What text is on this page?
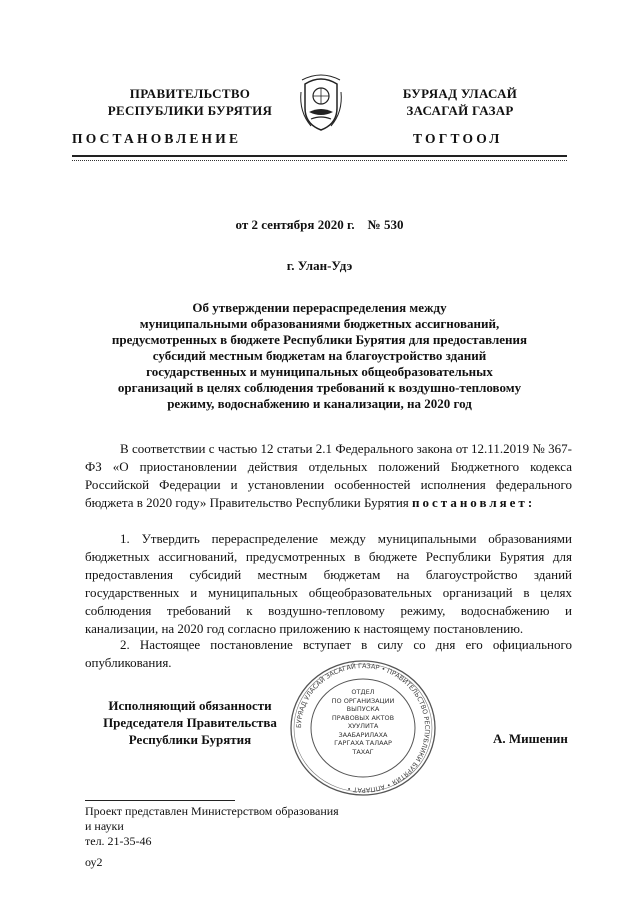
ПРАВИТЕЛЬСТВО
РЕСПУБЛИКИ БУРЯТИЯ
БУРЯАД УЛАСАЙ
ЗАСАГАЙ ГАЗАР
ПОСТАНОВЛЕНИЕ	ТОГТООЛ
от 2 сентября 2020 г.    № 530
г. Улан-Удэ
Об утверждении перераспределения между
муниципальными образованиями бюджетных ассигнований,
предусмотренных в бюджете Республики Бурятия для предоставления
субсидий местным бюджетам на благоустройство зданий
государственных и муниципальных общеобразовательных
организаций в целях соблюдения требований к воздушно-тепловому
режиму, водоснабжению и канализации, на 2020 год
В соответствии с частью 12 статьи 2.1 Федерального закона от 12.11.2019 № 367-ФЗ «О приостановлении действия отдельных положений Бюджетного кодекса Российской Федерации и установлении особенностей исполнения федерального бюджета в 2020 году» Правительство Республики Бурятия постановляет:
1. Утвердить перераспределение между муниципальными образованиями бюджетных ассигнований, предусмотренных в бюджете Республики Бурятия для предоставления субсидий местным бюджетам на благоустройство зданий государственных и муниципальных общеобразовательных организаций в целях соблюдения требований к воздушно-тепловому режиму, водоснабжению и канализации, на 2020 год согласно приложению к настоящему постановлению.
2. Настоящее постановление вступает в силу со дня его официального опубликования.
Исполняющий обязанности
Председателя Правительства
Республики Бурятия	А. Мишенин
БУРЯАД УЛАСАЙ ЗАСАГАЙ ГАЗАР • ПРАВИТЕЛЬСТВО РЕСПУБЛИКИ БУРЯТИЯ • АППАРАТ •
ОТДЕЛ
ПО ОРГАНИЗАЦИИ
ВЫПУСКА
ПРАВОВЫХ АКТОВ
ХУУЛИТА
ЗААБАРИЛАХА
ГАРГАХА ТАЛААР
ТАХАГ
Проект представлен Министерством образования
и науки
тел. 21-35-46
оу2
